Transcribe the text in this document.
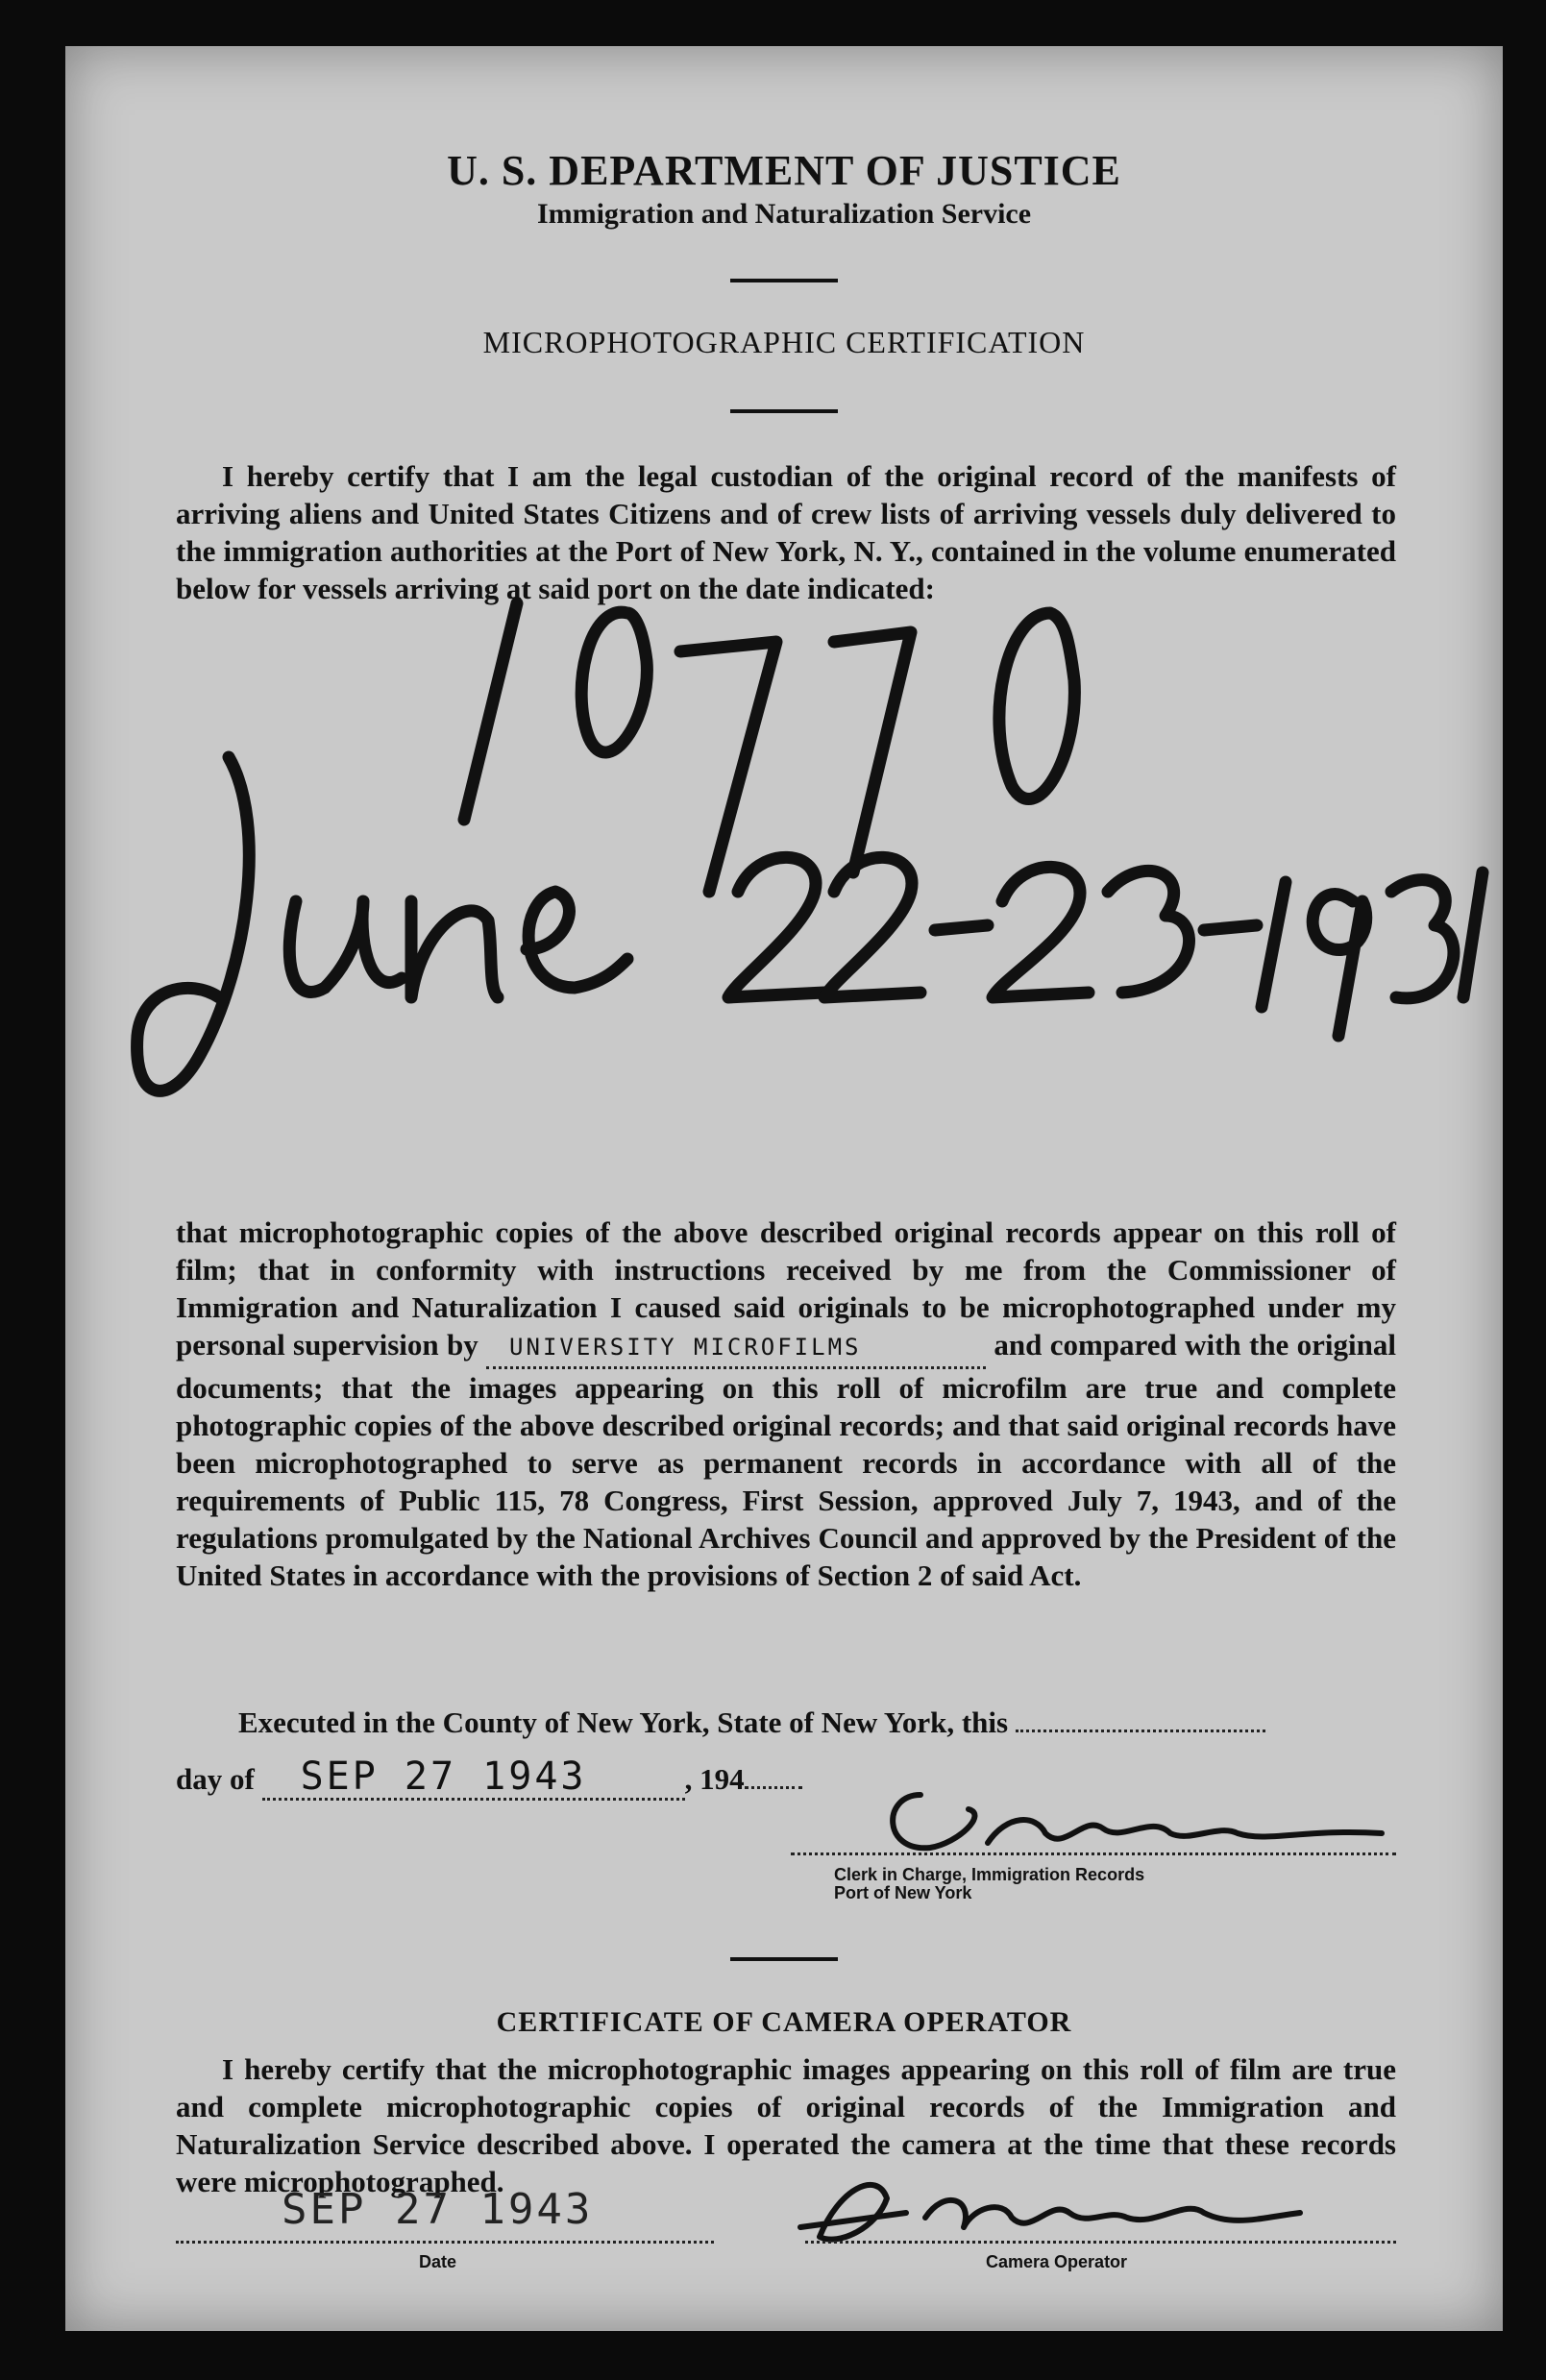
U. S. DEPARTMENT OF JUSTICE
Immigration and Naturalization Service
MICROPHOTOGRAPHIC CERTIFICATION
I hereby certify that I am the legal custodian of the original record of the manifests of arriving aliens and United States Citizens and of crew lists of arriving vessels duly delivered to the immigration authorities at the Port of New York, N. Y., contained in the volume enumerated below for vessels arriving at said port on the date indicated:
that microphotographic copies of the above described original records appear on this roll of film; that in conformity with instructions received by me from the Commissioner of Immigration and Naturalization I caused said originals to be microphotographed under my personal supervision by UNIVERSITY MICROFILMS	and compared with the original documents; that the images appearing on this roll of microfilm are true and complete photographic copies of the above described original records; and that said original records have been microphotographed to serve as permanent records in accordance with all of the requirements of Public 115, 78 Congress, First Session, approved July 7, 1943, and of the regulations promulgated by the National Archives Council and approved by the President of the United States in accordance with the provisions of Section 2 of said Act.
Executed in the County of New York, State of New York, this
day of SEP 27 1943	, 194
Clerk in Charge, Immigration Records
Port of New York
CERTIFICATE OF CAMERA OPERATOR
I hereby certify that the microphotographic images appearing on this roll of film are true and complete microphotographic copies of original records of the Immigration and Naturalization Service described above. I operated the camera at the time that these records were microphotographed.
SEP 27 1943
Date	Camera Operator
